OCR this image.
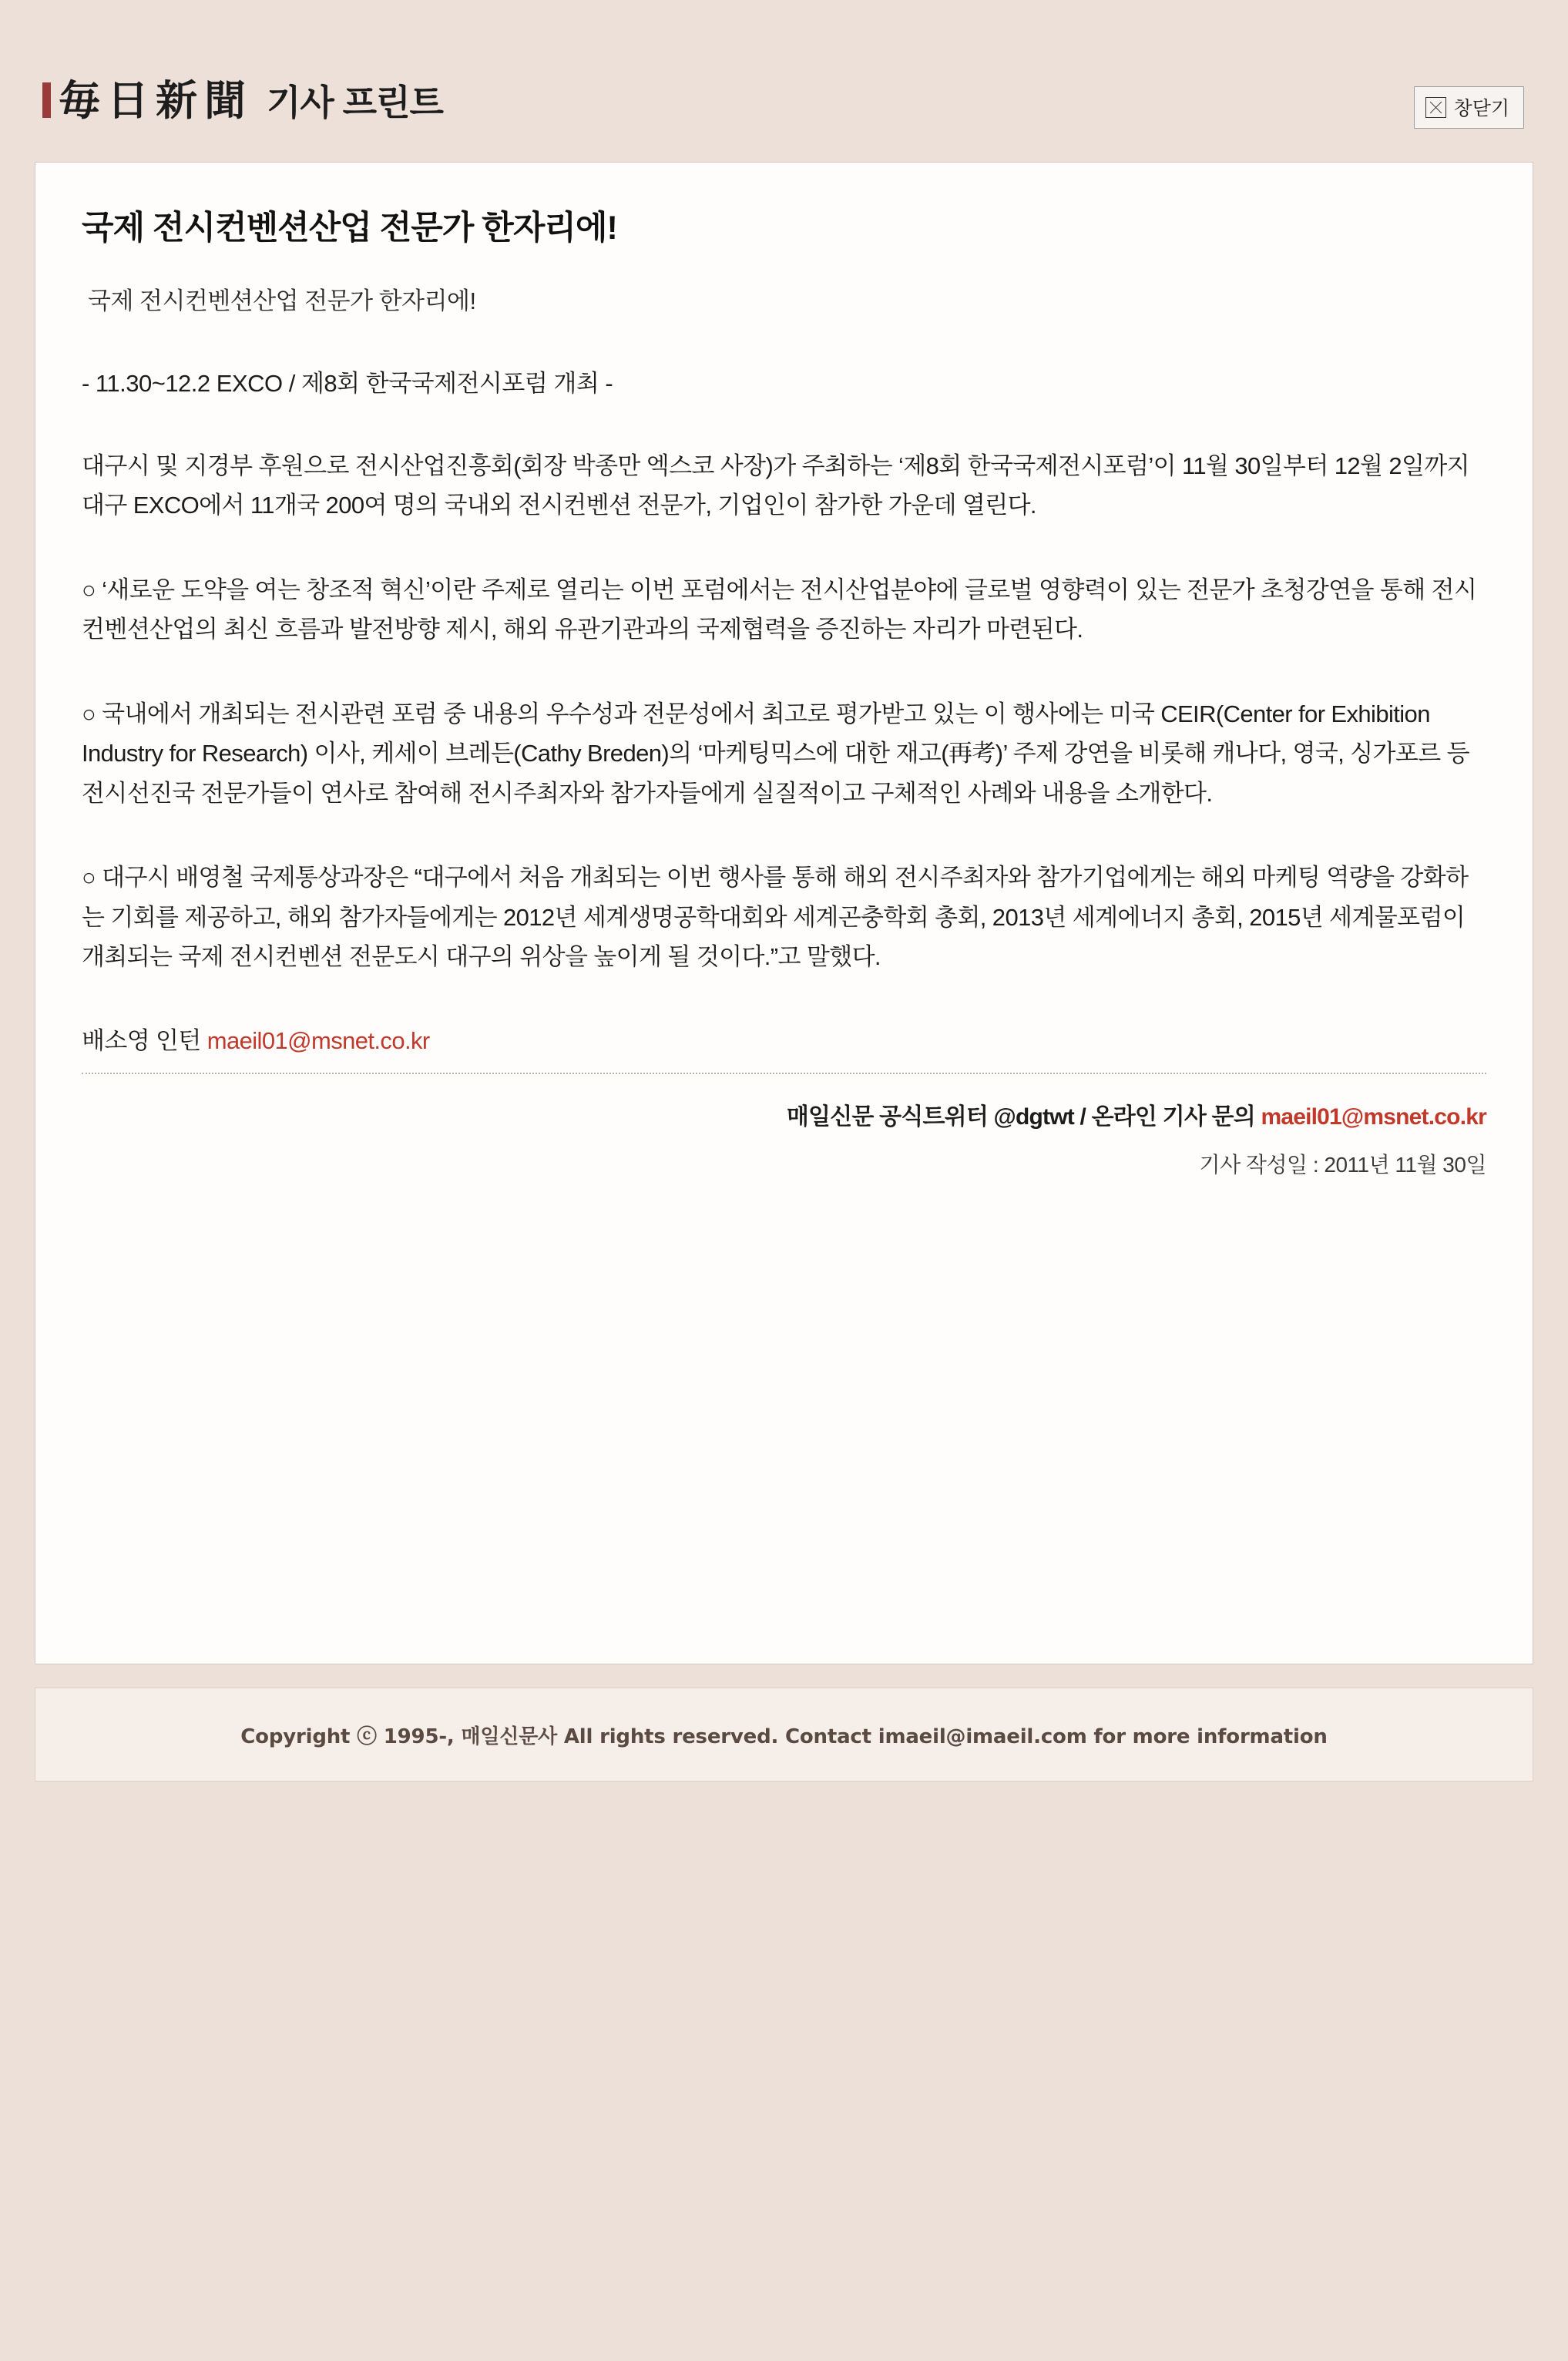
毎日新聞 기사 프린트	창닫기
국제 전시컨벤션산업 전문가 한자리에!

국제 전시컨벤션산업 전문가 한자리에!

- 11.30~12.2 EXCO / 제8회 한국국제전시포럼 개최 -

대구시 및 지경부 후원으로 전시산업진흥회(회장 박종만 엑스코 사장)가 주최하는 ‘제8회 한국국제전시포럼’이 11월 30일부터 12월 2일까지 대구 EXCO에서 11개국 200여 명의 국내외 전시컨벤션 전문가, 기업인이 참가한 가운데 열린다.

○ ‘새로운 도약을 여는 창조적 혁신’이란 주제로 열리는 이번 포럼에서는 전시산업분야에 글로벌 영향력이 있는 전문가 초청강연을 통해 전시컨벤션산업의 최신 흐름과 발전방향 제시, 해외 유관기관과의 국제협력을 증진하는 자리가 마련된다.

○ 국내에서 개최되는 전시관련 포럼 중 내용의 우수성과 전문성에서 최고로 평가받고 있는 이 행사에는 미국 CEIR(Center for Exhibition Industry for Research) 이사, 케세이 브레든(Cathy Breden)의 ‘마케팅믹스에 대한 재고(再考)’ 주제 강연을 비롯해 캐나다, 영국, 싱가포르 등 전시선진국 전문가들이 연사로 참여해 전시주최자와 참가자들에게 실질적이고 구체적인 사례와 내용을 소개한다.

○ 대구시 배영철 국제통상과장은 “대구에서 처음 개최되는 이번 행사를 통해 해외 전시주최자와 참가기업에게는 해외 마케팅 역량을 강화하는 기회를 제공하고, 해외 참가자들에게는 2012년 세계생명공학대회와 세계곤충학회 총회, 2013년 세계에너지 총회, 2015년 세계물포럼이 개최되는 국제 전시컨벤션 전문도시 대구의 위상을 높이게 될 것이다.”고 말했다.

배소영 인턴 maeil01@msnet.co.kr

매일신문 공식트위터 @dgtwt / 온라인 기사 문의 maeil01@msnet.co.kr
기사 작성일 : 2011년 11월 30일
Copyright ⓒ 1995-, 매일신문사 All rights reserved. Contact imaeil@imaeil.com for more information
